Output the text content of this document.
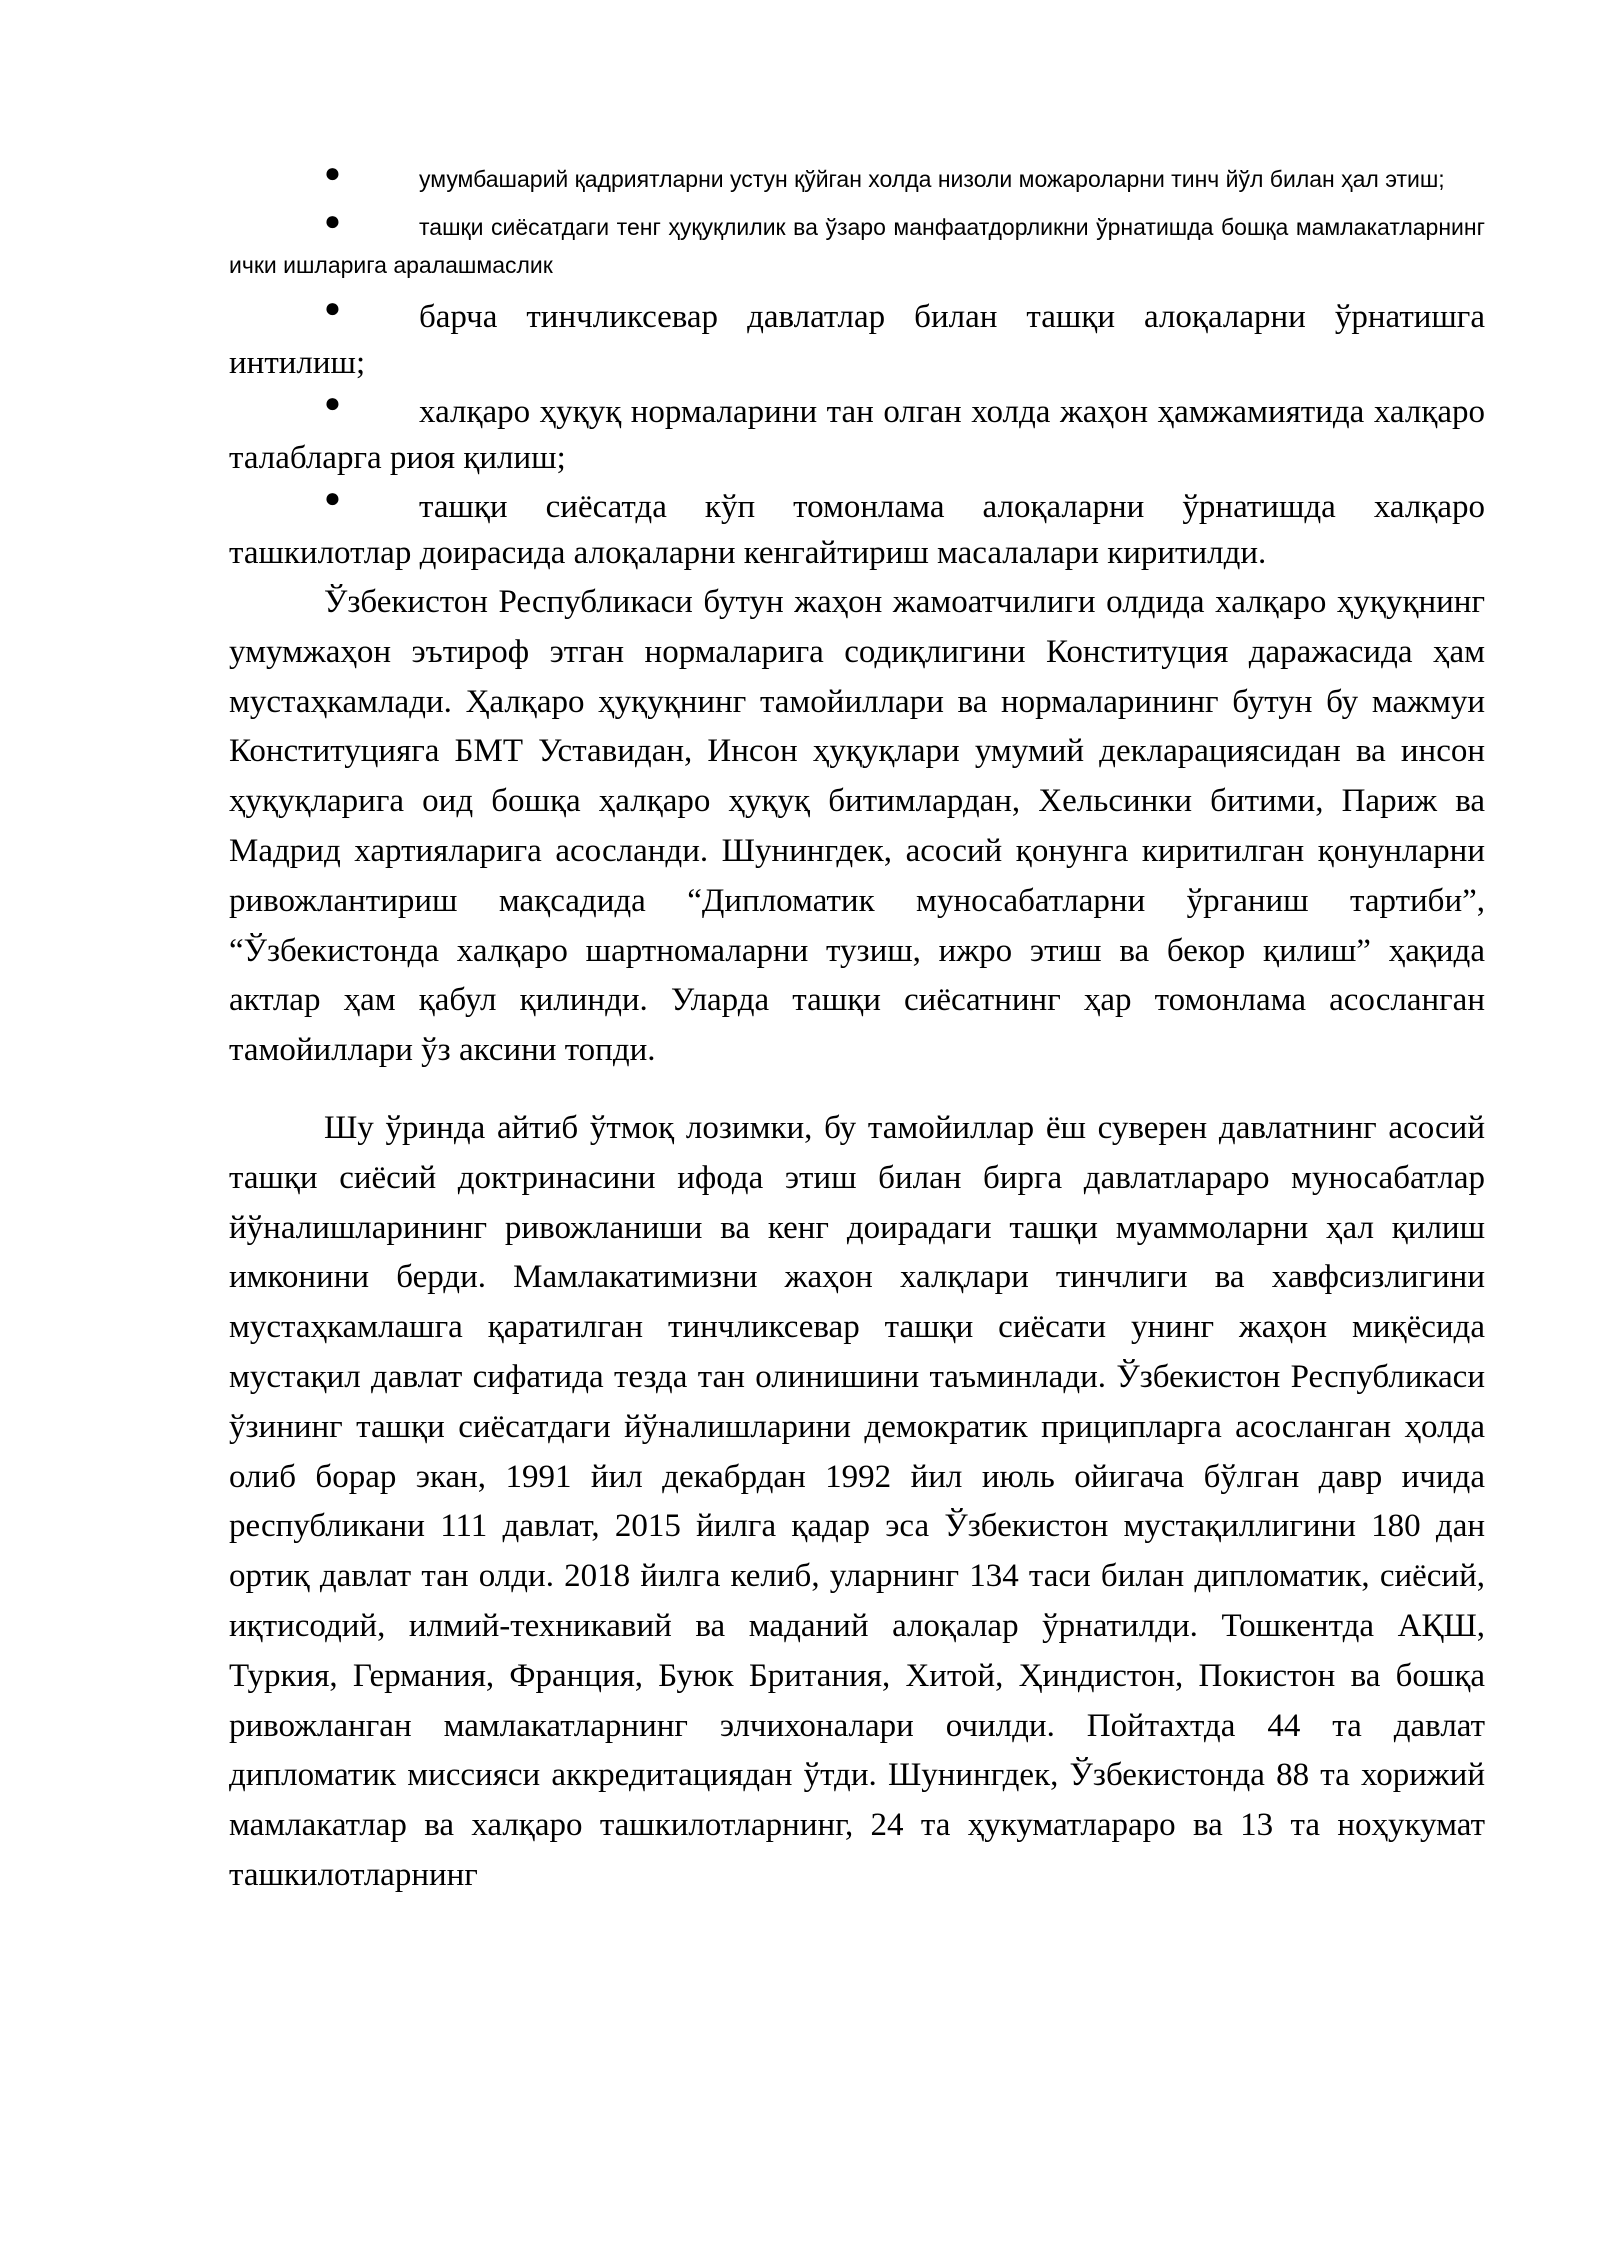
●	умумбашарий қадриятларни устун қўйган холда низоли можароларни тинч йўл билан ҳал этиш;
●	ташқи сиёсатдаги тенг ҳуқуқлилик ва ўзаро манфаатдорликни ўрнатишда бошқа мамлакатларнинг ички ишларига аралашмаслик
● барча тинчликсевар давлатлар билан ташқи алоқаларни ўрнатишга интилиш;
● халқаро ҳуқуқ нормаларини тан олган холда жаҳон ҳамжамиятида халқаро талабларга риоя қилиш;
● ташқи сиёсатда кўп томонлама алоқаларни ўрнатишда халқаро ташкилотлар доирасида алоқаларни кенгайтириш масалалари киритилди.

Ўзбекистон Республикаси бутун жаҳон жамоатчилиги олдида халқаро ҳуқуқнинг умумжаҳон эътироф этган нормаларига содиқлигини Конституция даражасида ҳам мустаҳкамлади. Ҳалқаро ҳуқуқнинг тамойиллари ва нормаларининг бутун бу мажмуи Конституцияга БМТ Уставидан, Инсон ҳуқуқлари умумий декларациясидан ва инсон ҳуқуқларига оид бошқа ҳалқаро ҳуқуқ битимлардан, Хельсинки битими, Париж ва Мадрид хартияларига асосланди. Шунингдек, асосий қонунга киритилган қонунларни ривожлантириш мақсадида “Дипломатик муносабатларни ўрганиш тартиби”, “Ўзбекистонда халқаро шартномаларни тузиш, ижро этиш ва бекор қилиш” ҳақида актлар ҳам қабул қилинди. Уларда ташқи сиёсатнинг ҳар томонлама асосланган тамойиллари ўз аксини топди.

Шу ўринда айтиб ўтмоқ лозимки, бу тамойиллар ёш суверен давлатнинг асосий ташқи сиёсий доктринасини ифода этиш билан бирга давлатлараро муносабатлар йўналишларининг ривожланиши ва кенг доирадаги ташқи муаммоларни ҳал қилиш имконини берди. Мамлакатимизни жаҳон халқлари тинчлиги ва хавфсизлигини мустаҳкамлашга қаратилган тинчликсевар ташқи сиёсати унинг жаҳон миқёсида мустақил давлат сифатида тезда тан олинишини таъминлади. Ўзбекистон Республикаси ўзининг ташқи сиёсатдаги йўналишларини демократик приципларга асосланган ҳолда олиб борар экан, 1991 йил декабрдан 1992 йил июль ойигача бўлган давр ичида республикани 111 давлат, 2015 йилга қадар эса Ўзбекистон мустақиллигини 180 дан ортиқ давлат тан олди. 2018 йилга келиб, уларнинг 134 таси билан дипломатик, сиёсий, иқтисодий, илмий-техникавий ва маданий алоқалар ўрнатилди. Тошкентда АҚШ, Туркия, Германия, Франция, Буюк Британия, Хитой, Ҳиндистон, Покистон ва бошқа ривожланган мамлакатларнинг элчихоналари очилди. Пойтахтда 44 та давлат дипломатик миссияси аккредитациядан ўтди. Шунингдек, Ўзбекистонда 88 та хорижий мамлакатлар ва халқаро ташкилотларнинг, 24 та ҳукуматлараро ва 13 та ноҳукумат ташкилотларнинг
